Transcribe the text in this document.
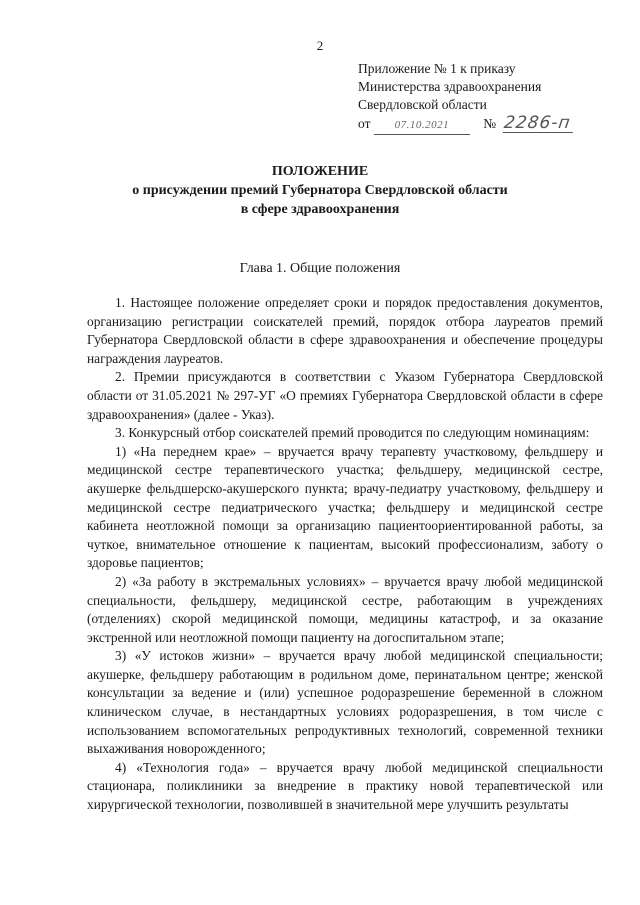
2
Приложение № 1 к приказу
Министерства здравоохранения
Свердловской области
от 07.10.2021	№ 2286-п
ПОЛОЖЕНИЕ
о присуждении премий Губернатора Свердловской области
в сфере здравоохранения
Глава 1. Общие положения

1. Настоящее положение определяет сроки и порядок предоставления документов, организацию регистрации соискателей премий, порядок отбора лауреатов премий Губернатора Свердловской области в сфере здравоохранения и обеспечение процедуры награждения лауреатов.

2. Премии присуждаются в соответствии с Указом Губернатора Свердловской области от 31.05.2021 № 297-УГ «О премиях Губернатора Свердловской области в сфере здравоохранения» (далее - Указ).

3. Конкурсный отбор соискателей премий проводится по следующим номинациям:

1) «На переднем крае» – вручается врачу терапевту участковому, фельдшеру и медицинской сестре терапевтического участка; фельдшеру, медицинской сестре, акушерке фельдшерско-акушерского пункта; врачу-педиатру участковому, фельдшеру и медицинской сестре педиатрического участка; фельдшеру и медицинской сестре кабинета неотложной помощи за организацию пациентоориентированной работы, за чуткое, внимательное отношение к пациентам, высокий профессионализм, заботу о здоровье пациентов;

2) «За работу в экстремальных условиях» – вручается врачу любой медицинской специальности, фельдшеру, медицинской сестре, работающим в учреждениях (отделениях) скорой медицинской помощи, медицины катастроф, и за оказание экстренной или неотложной помощи пациенту на догоспитальном этапе;

3) «У истоков жизни» – вручается врачу любой медицинской специальности; акушерке, фельдшеру работающим в родильном доме, перинатальном центре; женской консультации за ведение и (или) успешное родоразрешение беременной в сложном клиническом случае, в нестандартных условиях родоразрешения, в том числе с использованием вспомогательных репродуктивных технологий, современной техники выхаживания новорожденного;

4) «Технология года» – вручается врачу любой медицинской специальности стационара, поликлиники за внедрение в практику новой терапевтической или хирургической технологии, позволившей в значительной мере улучшить результаты
